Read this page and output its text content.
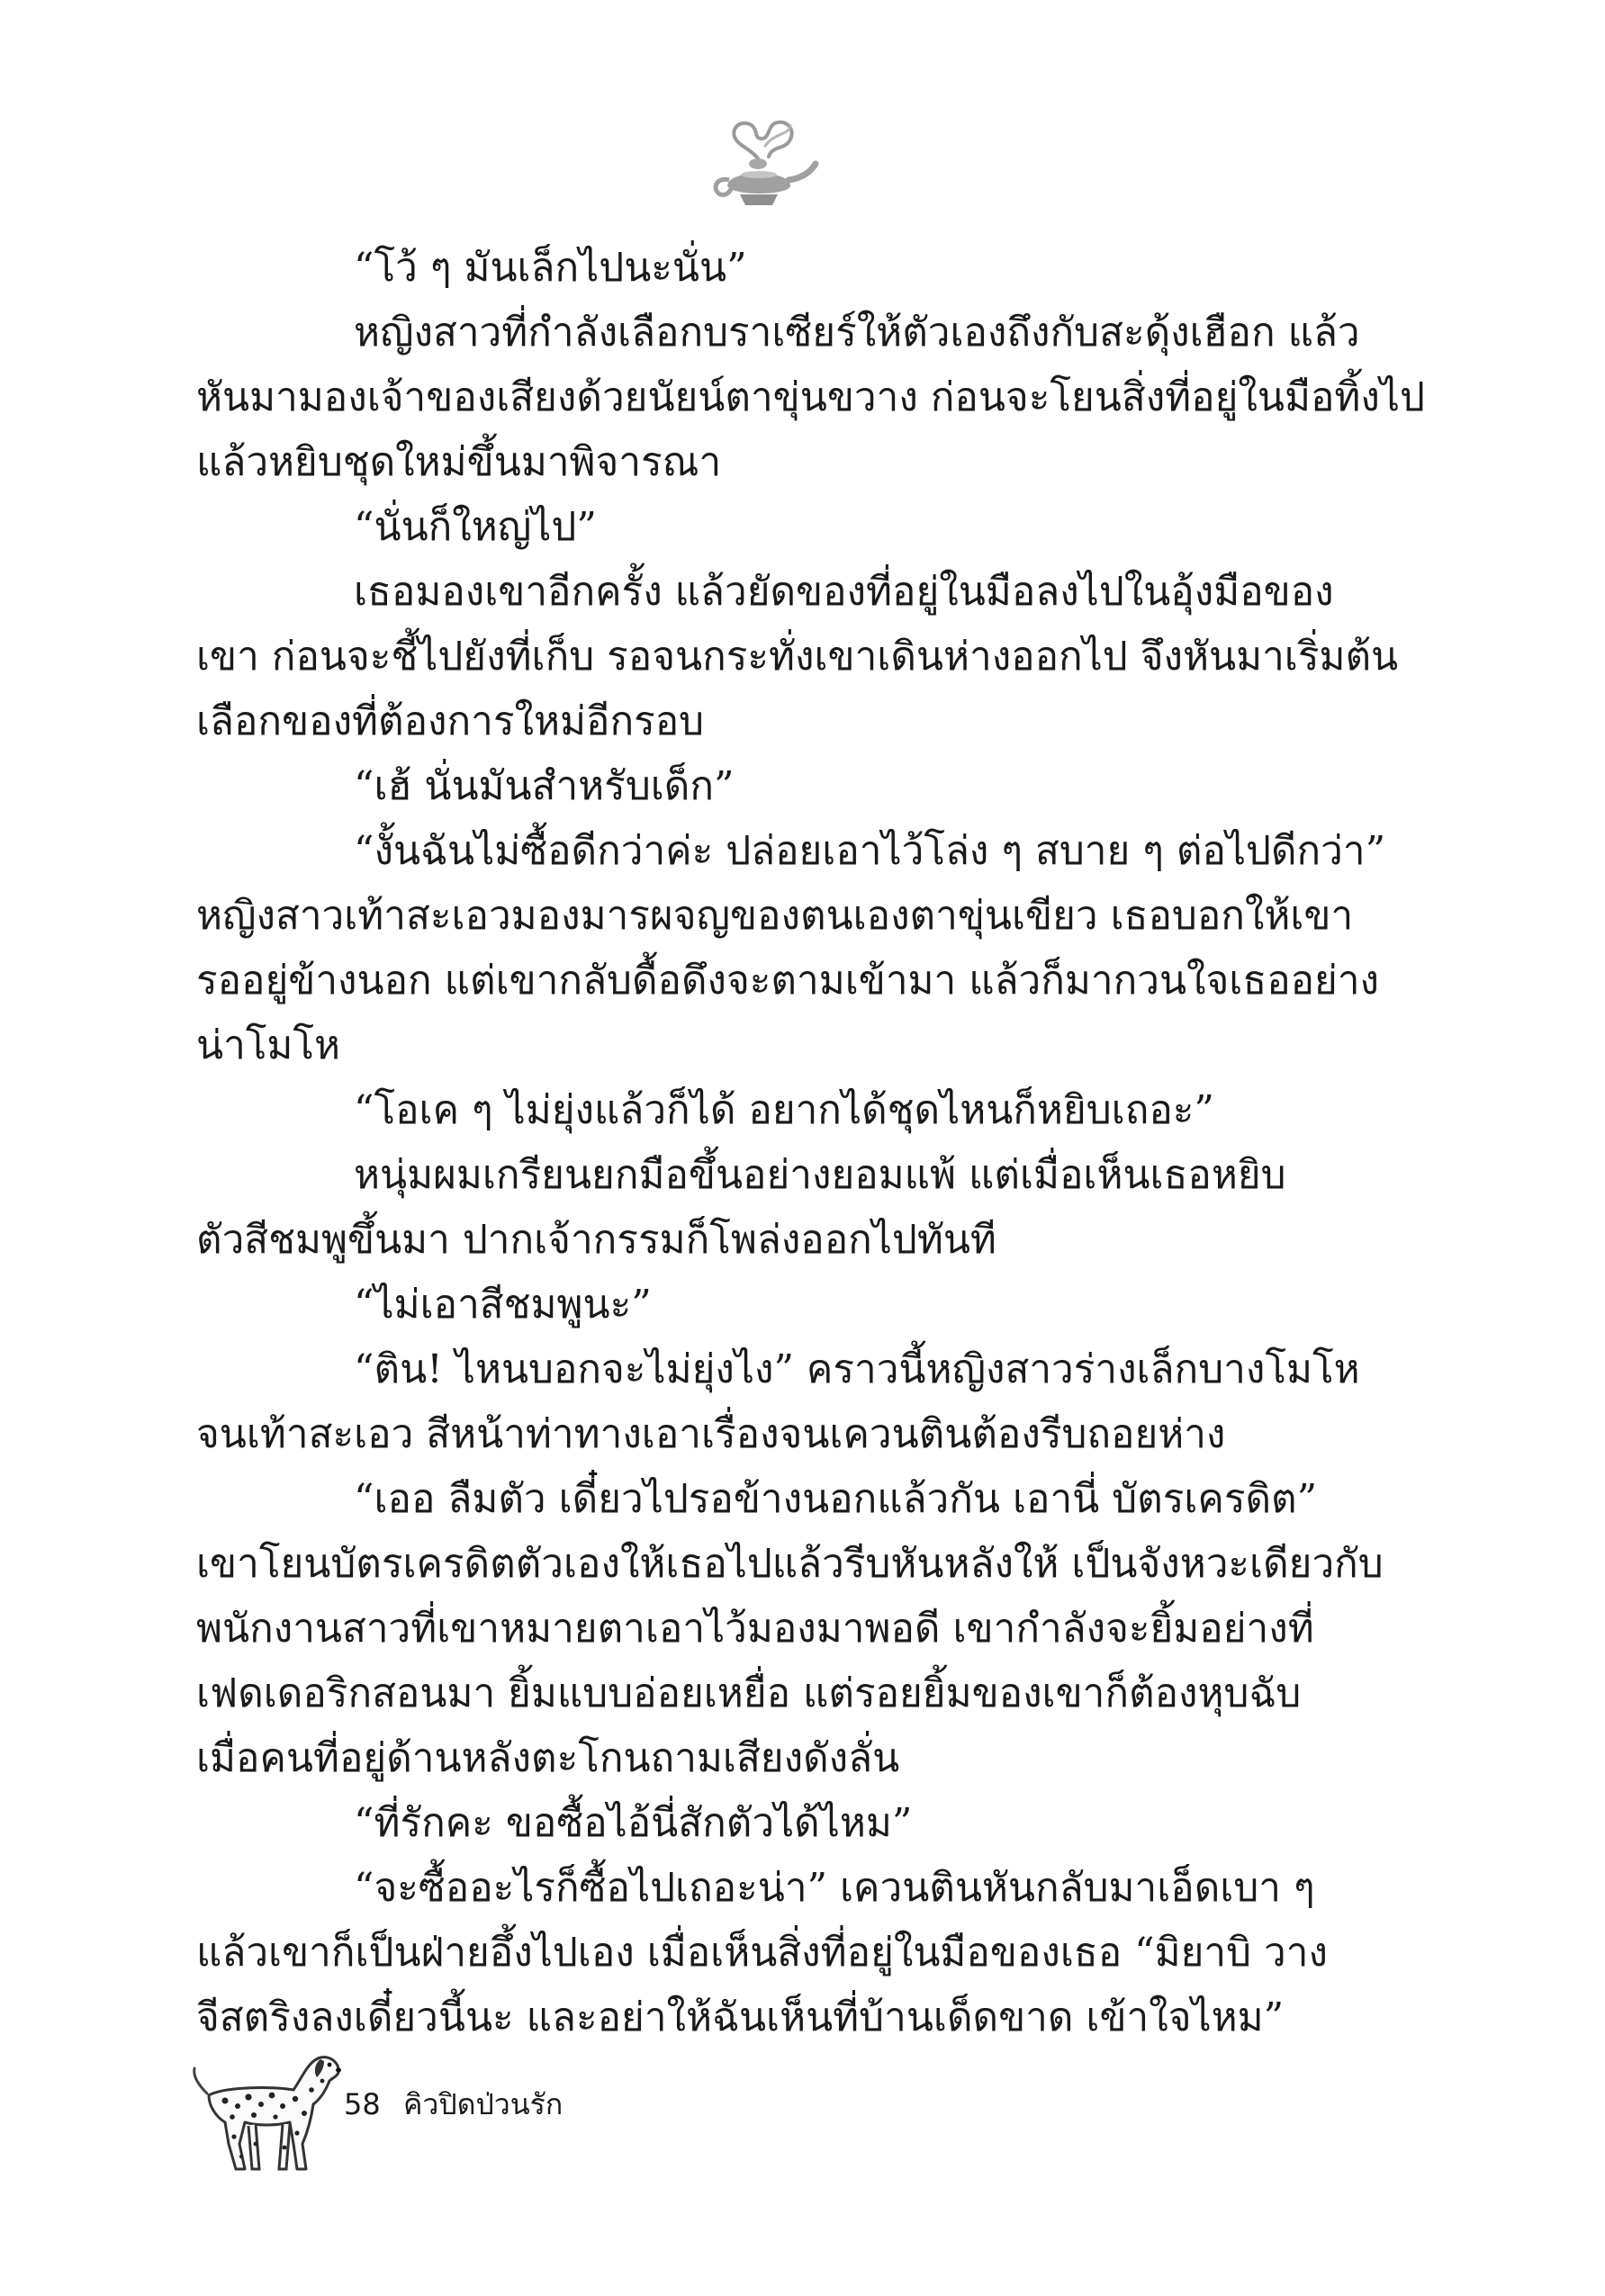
“โว้ ๆ มันเล็กไปนะนั่น”
หญิงสาวที่กำลังเลือกบราเซียร์ให้ตัวเองถึงกับสะดุ้งเฮือก แล้ว
หันมามองเจ้าของเสียงด้วยนัยน์ตาขุ่นขวาง ก่อนจะโยนสิ่งที่อยู่ในมือทิ้งไป
แล้วหยิบชุดใหม่ขึ้นมาพิจารณา
“นั่นก็ใหญ่ไป”
เธอมองเขาอีกครั้ง แล้วยัดของที่อยู่ในมือลงไปในอุ้งมือของ
เขา ก่อนจะชี้ไปยังที่เก็บ รอจนกระทั่งเขาเดินห่างออกไป จึงหันมาเริ่มต้น
เลือกของที่ต้องการใหม่อีกรอบ
“เฮ้ นั่นมันสำหรับเด็ก”
“งั้นฉันไม่ซื้อดีกว่าค่ะ ปล่อยเอาไว้โล่ง ๆ สบาย ๆ ต่อไปดีกว่า”
หญิงสาวเท้าสะเอวมองมารผจญของตนเองตาขุ่นเขียว เธอบอกให้เขา
รออยู่ข้างนอก แต่เขากลับดื้อดึงจะตามเข้ามา แล้วก็มากวนใจเธออย่าง
น่าโมโห
“โอเค ๆ ไม่ยุ่งแล้วก็ได้ อยากได้ชุดไหนก็หยิบเถอะ”
หนุ่มผมเกรียนยกมือขึ้นอย่างยอมแพ้ แต่เมื่อเห็นเธอหยิบ
ตัวสีชมพูขึ้นมา ปากเจ้ากรรมก็โพล่งออกไปทันที
“ไม่เอาสีชมพูนะ”
“ติน! ไหนบอกจะไม่ยุ่งไง” คราวนี้หญิงสาวร่างเล็กบางโมโห
จนเท้าสะเอว สีหน้าท่าทางเอาเรื่องจนเควนตินต้องรีบถอยห่าง
“เออ ลืมตัว เดี๋ยวไปรอข้างนอกแล้วกัน เอานี่ บัตรเครดิต”
เขาโยนบัตรเครดิตตัวเองให้เธอไปแล้วรีบหันหลังให้ เป็นจังหวะเดียวกับ
พนักงานสาวที่เขาหมายตาเอาไว้มองมาพอดี เขากำลังจะยิ้มอย่างที่
เฟดเดอริกสอนมา ยิ้มแบบอ่อยเหยื่อ แต่รอยยิ้มของเขาก็ต้องหุบฉับ
เมื่อคนที่อยู่ด้านหลังตะโกนถามเสียงดังลั่น
“ที่รักคะ ขอซื้อไอ้นี่สักตัวได้ไหม”
“จะซื้ออะไรก็ซื้อไปเถอะน่า” เควนตินหันกลับมาเอ็ดเบา ๆ
แล้วเขาก็เป็นฝ่ายอึ้งไปเอง เมื่อเห็นสิ่งที่อยู่ในมือของเธอ “มิยาบิ วาง
จีสตริงลงเดี๋ยวนี้นะ และอย่าให้ฉันเห็นที่บ้านเด็ดขาด เข้าใจไหม”
58 คิวปิดป่วนรัก
